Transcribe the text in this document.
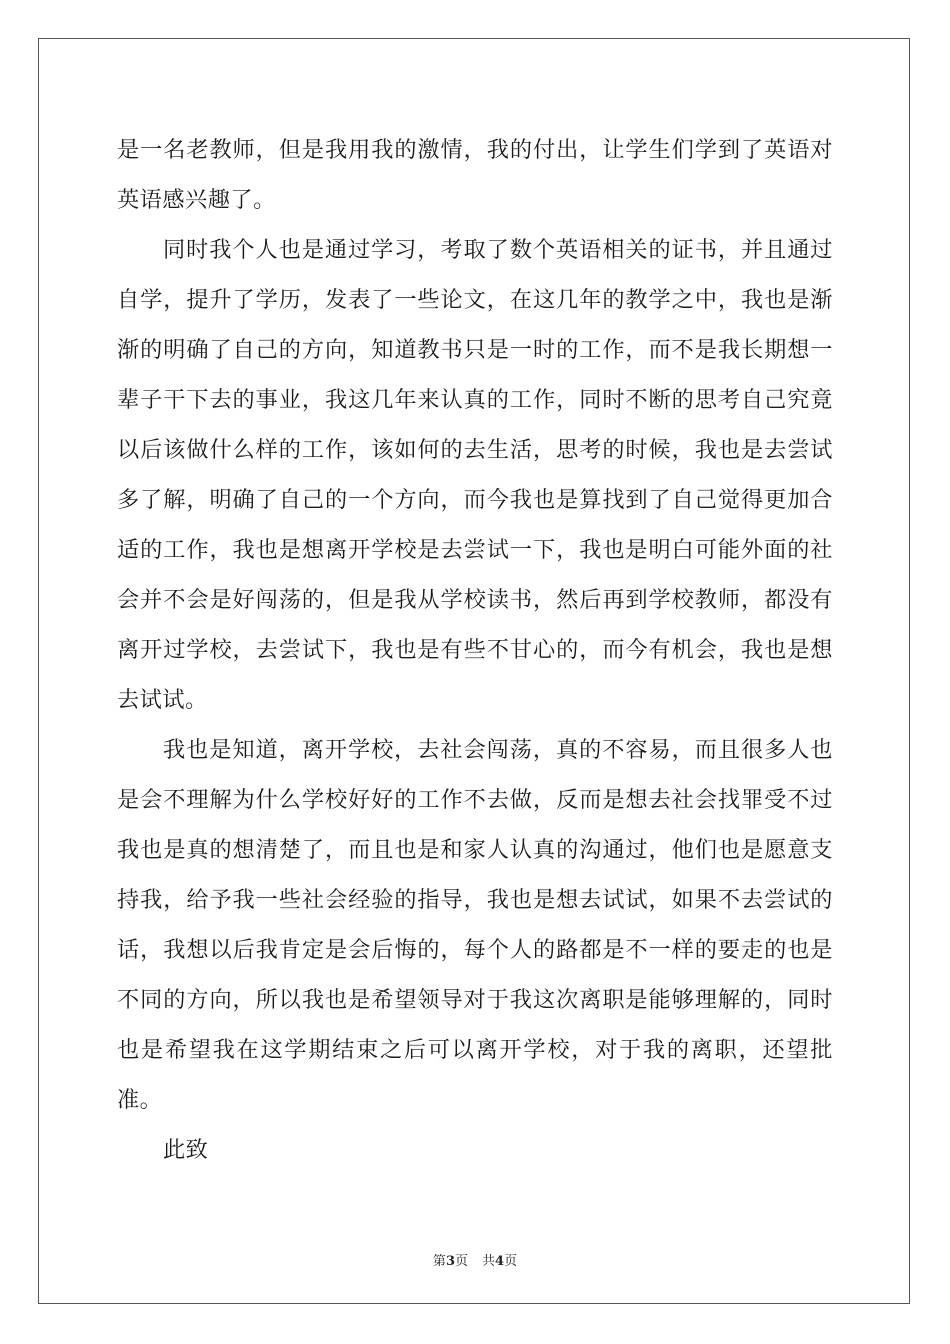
是一名老教师，但是我用我的激情，我的付出，让学生们学到了英语对英语感兴趣了。

同时我个人也是通过学习，考取了数个英语相关的证书，并且通过自学，提升了学历，发表了一些论文，在这几年的教学之中，我也是渐渐的明确了自己的方向，知道教书只是一时的工作，而不是我长期想一辈子干下去的事业，我这几年来认真的工作，同时不断的思考自己究竟以后该做什么样的工作，该如何的去生活，思考的时候，我也是去尝试多了解，明确了自己的一个方向，而今我也是算找到了自己觉得更加合适的工作，我也是想离开学校是去尝试一下，我也是明白可能外面的社会并不会是好闯荡的，但是我从学校读书，然后再到学校教师，都没有离开过学校，去尝试下，我也是有些不甘心的，而今有机会，我也是想去试试。

我也是知道，离开学校，去社会闯荡，真的不容易，而且很多人也是会不理解为什么学校好好的工作不去做，反而是想去社会找罪受不过我也是真的想清楚了，而且也是和家人认真的沟通过，他们也是愿意支持我，给予我一些社会经验的指导，我也是想去试试，如果不去尝试的话，我想以后我肯定是会后悔的，每个人的路都是不一样的要走的也是不同的方向，所以我也是希望领导对于我这次离职是能够理解的，同时也是希望我在这学期结束之后可以离开学校，对于我的离职，还望批准。

此致

第3页 共4页
